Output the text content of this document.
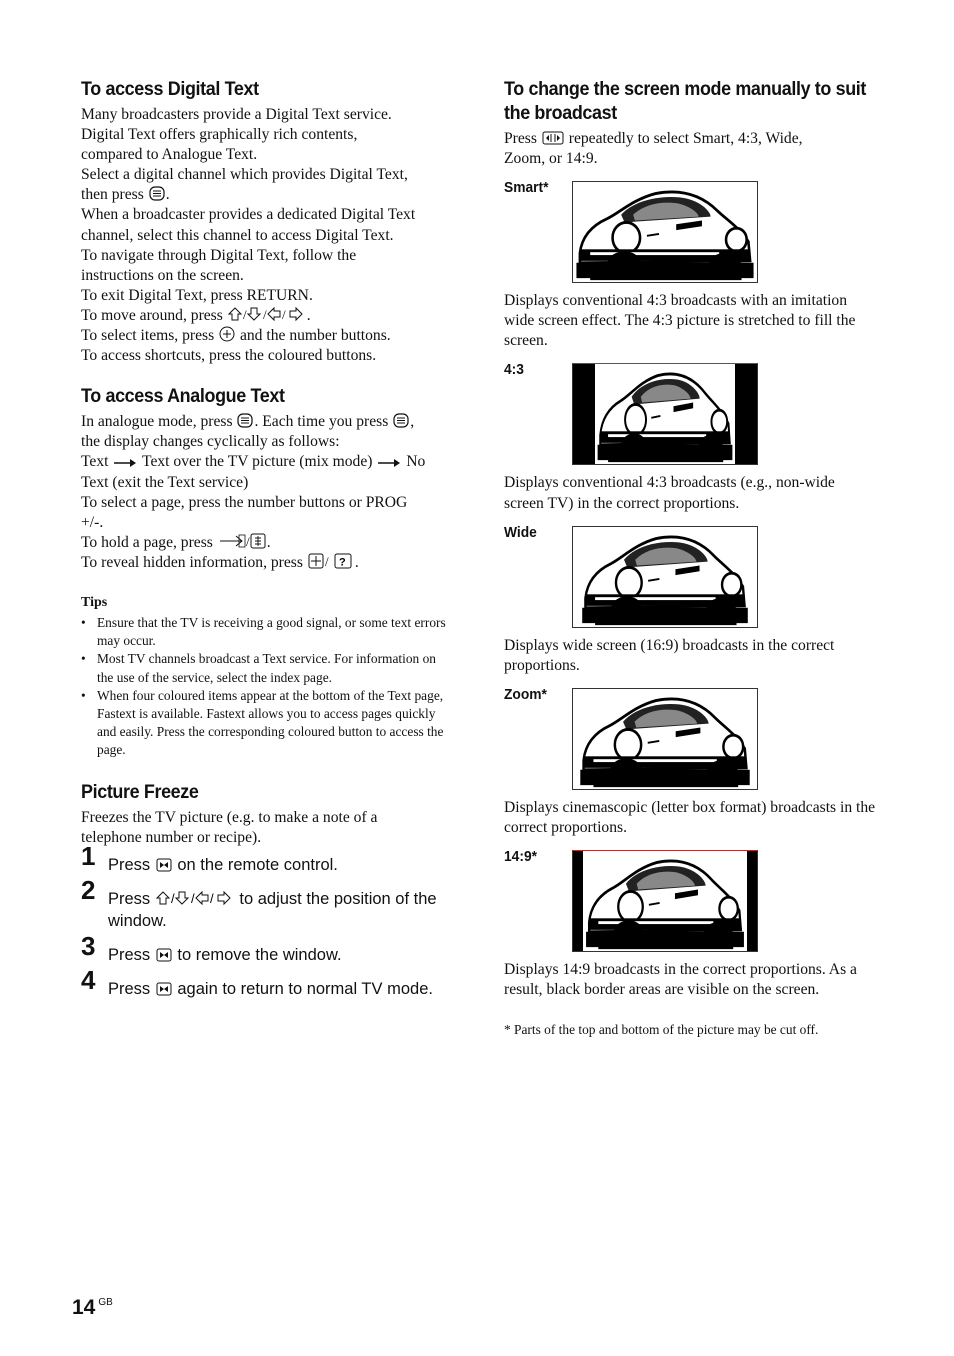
To access Digital Text

Many broadcasters provide a Digital Text service.
Digital Text offers graphically rich contents,
compared to Analogue Text.
Select a digital channel which provides Digital Text,
then press .
When a broadcaster provides a dedicated Digital Text
channel, select this channel to access Digital Text.
To navigate through Digital Text, follow the
instructions on the screen.
To exit Digital Text, press RETURN.
To move around, press / / / .
To select items, press and the number buttons.
To access shortcuts, press the coloured buttons.

To access Analogue Text

In analogue mode, press . Each time you press ,
the display changes cyclically as follows:
Text Text over the TV picture (mix mode) No
Text (exit the Text service)
To select a page, press the number buttons or PROG
+/-.
To hold a page, press	/ .
To reveal hidden information, press / ? .

Tips
• Ensure that the TV is receiving a good signal, or some text errors may occur.
• Most TV channels broadcast a Text service. For information on the use of the service, select the index page.
• When four coloured items appear at the bottom of the Text page, Fastext is available. Fastext allows you to access pages quickly and easily. Press the corresponding coloured button to access the page.
Picture Freeze

Freezes the TV picture (e.g. to make a note of a
telephone number or recipe).

1 Press on the remote control.
2 Press / / / to adjust the position of the window.
3 Press to remove the window.
4 Press again to return to normal TV mode.
To change the screen mode manually to suit the broadcast

Press repeatedly to select Smart, 4:3, Wide,
Zoom, or 14:9.

Smart*

Displays conventional 4:3 broadcasts with an imitation wide screen effect. The 4:3 picture is stretched to fill the screen.

4:3

Displays conventional 4:3 broadcasts (e.g., non-wide screen TV) in the correct proportions.

Wide

Displays wide screen (16:9) broadcasts in the correct proportions.

Zoom*

Displays cinemascopic (letter box format) broadcasts in the correct proportions.

14:9*

Displays 14:9 broadcasts in the correct proportions. As a result, black border areas are visible on the screen.

* Parts of the top and bottom of the picture may be cut off.
14 $^{GB}$
